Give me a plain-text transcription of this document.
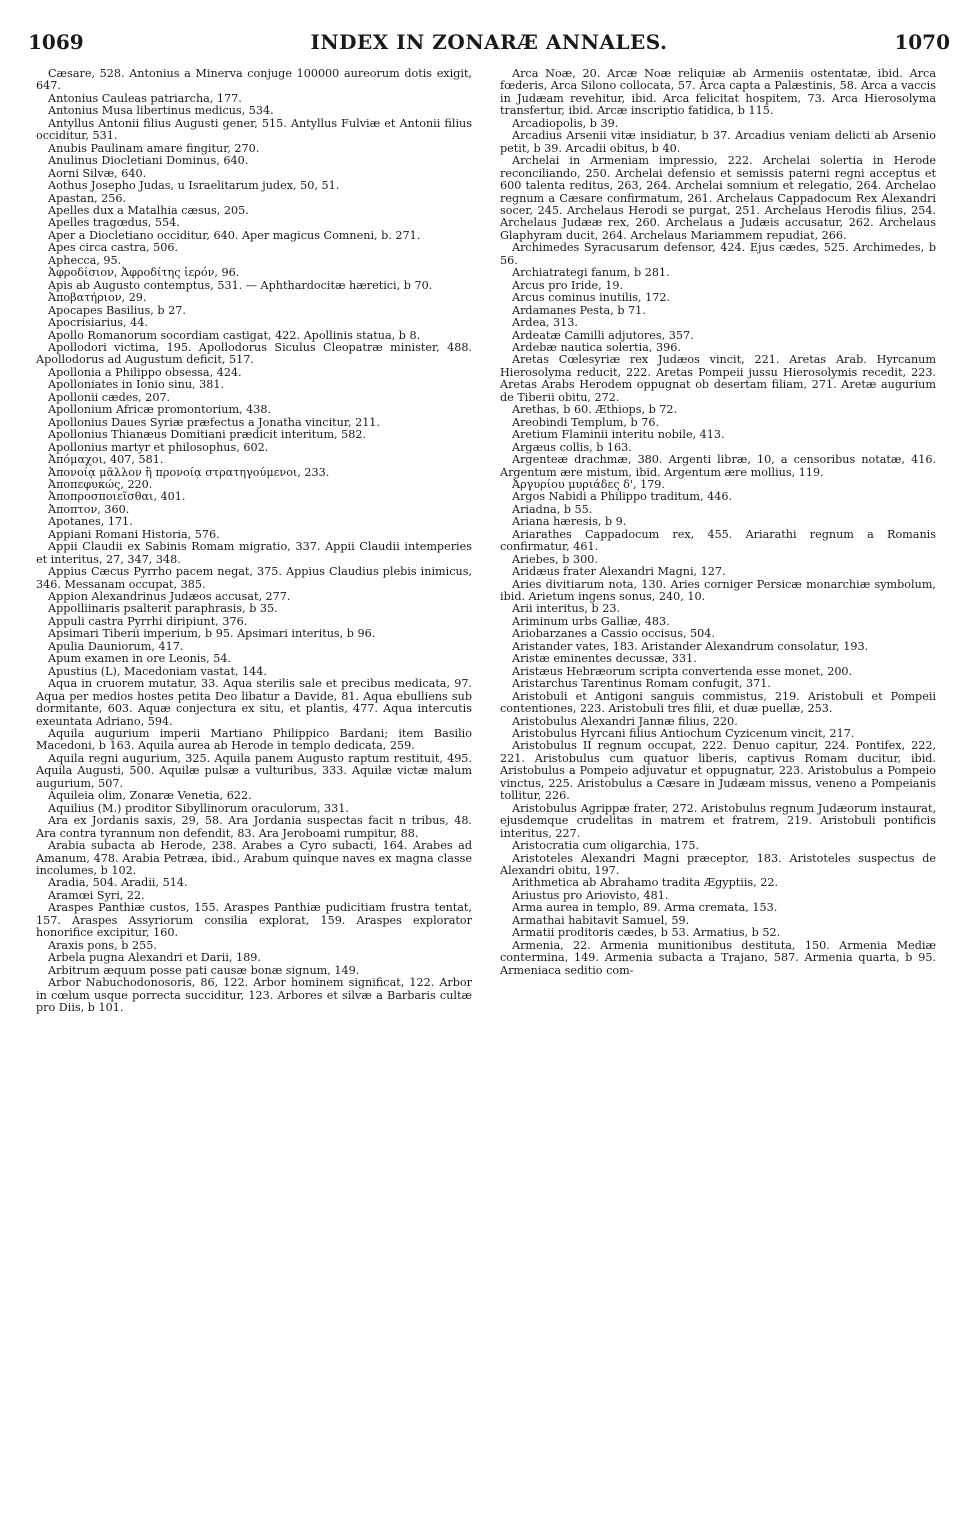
1069	INDEX IN ZONARÆ ANNALES.	1070

Cæsare, 528. Antonius a Minerva conjuge 100000 aureorum dotis exigit, 647.

Antonius Cauleas patriarcha, 177.

Antonius Musa libertinus medicus, 534.

Antyllus Antonii filius Augusti gener, 515. Antyllus Fulviæ et Antonii filius occiditur, 531.

Anubis Paulinam amare fingitur, 270.

Anulinus Diocletiani Dominus, 640.

Aorni Silvæ, 640.

Aothus Josepho Judas, u Israelitarum judex, 50, 51.

Apastan, 256.

Apelles dux a Matalhia cæsus, 205.

Apelles tragœdus, 554.

Aper a Diocletiano occiditur, 640. Aper magicus Comneni, b. 271.

Apes circa castra, 506.

Aphecca, 95.

Ἀφροδίσιον, Ἀφροδίτης ἱερόν, 96.

Apis ab Augusto contemptus, 531. — Aphthardocitæ hæretici, b 70.

Ἀποβατήριον, 29.

Apocapes Basilius, b 27.

Apocrisiarius, 44.

Apollo Romanorum socordiam castigat, 422. Apollinis statua, b 8.

Apollodori victima, 195. Apollodorus Siculus Cleopatræ minister, 488. Apollodorus ad Augustum deficit, 517.

Apollonia a Philippo obsessa, 424.

Apolloniates in Ionio sinu, 381.

Apollonii cædes, 207.

Apollonium Africæ promontorium, 438.

Apollonius Daues Syriæ præfectus a Jonatha vincitur, 211.

Apollonius Thianæus Domitiani prædicit interitum, 582.

Apollonius martyr et philosophus, 602.

Ἀπόμαχοι, 407, 581.

Ἀπονοίᾳ μᾶλλον ἢ προνοίᾳ στρατηγούμενοι, 233.

Ἀποπεφυκώς, 220.

Ἀποπροσποιεῖσθαι, 401.

Ἀποπτον, 360.

Apotanes, 171.

Appiani Romani Historia, 576.

Appii Claudii ex Sabinis Romam migratio, 337. Appii Claudii intemperies et interitus, 27, 347, 348.

Appius Cæcus Pyrrho pacem negat, 375. Appius Claudius plebis inimicus, 346. Messanam occupat, 385.

Appion Alexandrinus Judæos accusat, 277.

Appolliinaris psalterit paraphrasis, b 35.

Appuli castra Pyrrhi diripiunt, 376.

Apsimari Tiberii imperium, b 95. Apsimari interitus, b 96.

Apulia Dauniorum, 417.

Apum examen in ore Leonis, 54.

Apustius (L), Macedoniam vastat, 144.

Aqua in cruorem mutatur, 33. Aqua sterilis sale et precibus medicata, 97. Aqua per medios hostes petita Deo libatur a Davide, 81. Aqua ebulliens sub dormitante, 603. Aquæ conjectura ex situ, et plantis, 477. Aqua intercutis exeuntata Adriano, 594.

Aquila augurium imperii Martiano Philippico Bardani; item Basilio Macedoni, b 163. Aquila aurea ab Herode in templo dedicata, 259.

Aquila regni augurium, 325. Aquila panem Augusto raptum restituit, 495. Aquila Augusti, 500. Aquilæ pulsæ a vulturibus, 333. Aquilæ victæ malum augurium, 507.

Aquileia olim, Zonaræ Venetia, 622.

Aquilius (M.) proditor Sibyllinorum oraculorum, 331.

Ara ex Jordanis saxis, 29, 58. Ara Jordania suspectas facit n tribus, 48. Ara contra tyrannum non defendit, 83. Ara Jeroboami rumpitur, 88.

Arabia subacta ab Herode, 238. Arabes a Cyro subacti, 164. Arabes ad Amanum, 478. Arabia Petræa, ibid., Arabum quinque naves ex magna classe incolumes, b 102.

Aradia, 504. Aradii, 514.

Aramœi Syri, 22.

Araspes Panthiæ custos, 155. Araspes Panthiæ pudicitiam frustra tentat, 157. Araspes Assyriorum consilia explorat, 159. Araspes explorator honorifice excipitur, 160.

Araxis pons, b 255.

Arbela pugna Alexandri et Darii, 189.

Arbitrum æquum posse pati causæ bonæ signum, 149.

Arbor Nabuchodonosoris, 86, 122. Arbor hominem significat, 122. Arbor in cœlum usque porrecta succiditur, 123. Arbores et silvæ a Barbaris cultæ pro Diis, b 101.

Arca Noæ, 20. Arcæ Noæ reliquiæ ab Armeniis ostentatæ, ibid. Arca fœderis, Arca Silono collocata, 57. Arca capta a Palæstinis, 58. Arca a vaccis in Judæam revehitur, ibid. Arca felicitat hospitem, 73. Arca Hierosolyma transfertur, ibid. Arcæ inscriptio fatidica, b 115.

Arcadiopolis, b 39.

Arcadius Arsenii vitæ insidiatur, b 37. Arcadius veniam delicti ab Arsenio petit, b 39. Arcadii obitus, b 40.

Archelai in Armeniam impressio, 222. Archelai solertia in Herode reconciliando, 250. Archelai defensio et semissis paterni regni acceptus et 600 talenta reditus, 263, 264. Archelai somnium et relegatio, 264. Archelao regnum a Cæsare confirmatum, 261. Archelaus Cappadocum Rex Alexandri socer, 245. Archelaus Herodi se purgat, 251. Archelaus Herodis filius, 254. Archelaus Judææ rex, 260. Archelaus a Judæis accusatur, 262. Archelaus Glaphyram ducit, 264. Archelaus Mariammem repudiat, 266.

Archimedes Syracusarum defensor, 424. Ejus cædes, 525. Archimedes, b 56.

Archiatrategi fanum, b 281.

Arcus pro Iride, 19.

Arcus cominus inutilis, 172.

Ardamanes Pesta, b 71.

Ardea, 313.

Ardeatæ Camilli adjutores, 357.

Ardebæ nautica solertia, 396.

Aretas Cœlesyriæ rex Judæos vincit, 221. Aretas Arab. Hyrcanum Hierosolyma reducit, 222. Aretas Pompeii jussu Hierosolymis recedit, 223. Aretas Arabs Herodem oppugnat ob desertam filiam, 271. Aretæ augurium de Tiberii obitu, 272.

Arethas, b 60. Æthiops, b 72.

Areobindi Templum, b 76.

Aretium Flaminii interitu nobile, 413.

Argæus collis, b 163.

Argenteæ drachmæ, 380. Argenti libræ, 10, a censoribus notatæ, 416. Argentum ære mistum, ibid. Argentum ære mollius, 119.

Ἀργυρίου μυριάδες δ', 179.

Argos Nabidi a Philippo traditum, 446.

Ariadna, b 55.

Ariana hæresis, b 9.

Ariarathes Cappadocum rex, 455. Ariarathi regnum a Romanis confirmatur, 461.

Ariebes, b 300.

Aridæus frater Alexandri Magni, 127.

Aries divitiarum nota, 130. Aries corniger Persicæ monarchiæ symbolum, ibid. Arietum ingens sonus, 240, 10.

Arii interitus, b 23.

Ariminum urbs Galliæ, 483.

Ariobarzanes a Cassio occisus, 504.

Aristander vates, 183. Aristander Alexandrum consolatur, 193.

Aristæ eminentes decussæ, 331.

Aristæus Hebræorum scripta convertenda esse monet, 200.

Aristarchus Tarentinus Romam confugit, 371.

Aristobuli et Antigoni sanguis commistus, 219. Aristobuli et Pompeii contentiones, 223. Aristobuli tres filii, et duæ puellæ, 253.

Aristobulus Alexandri Jannæ filius, 220.

Aristobulus Hyrcani filius Antiochum Cyzicenum vincit, 217.

Aristobulus II regnum occupat, 222. Denuo capitur, 224. Pontifex, 222, 221. Aristobulus cum quatuor liberis, captivus Romam ducitur, ibid. Aristobulus a Pompeio adjuvatur et oppugnatur, 223. Aristobulus a Pompeio vinctus, 225. Aristobulus a Cæsare in Judæam missus, veneno a Pompeianis tollitur, 226.

Aristobulus Agrippæ frater, 272. Aristobulus regnum Judæorum instaurat, ejusdemque crudelitas in matrem et fratrem, 219. Aristobuli pontificis interitus, 227.

Aristocratia cum oligarchia, 175.

Aristoteles Alexandri Magni præceptor, 183. Aristoteles suspectus de Alexandri obitu, 197.

Arithmetica ab Abrahamo tradita Ægyptiis, 22.

Ariustus pro Ariovisto, 481.

Arma aurea in templo, 89. Arma cremata, 153.

Armathai habitavit Samuel, 59.

Armatii proditoris cædes, b 53. Armatius, b 52.

Armenia, 22. Armenia munitionibus destituta, 150. Armenia Mediæ contermina, 149. Armenia subacta a Trajano, 587. Armenia quarta, b 95. Armeniaca seditio com-
